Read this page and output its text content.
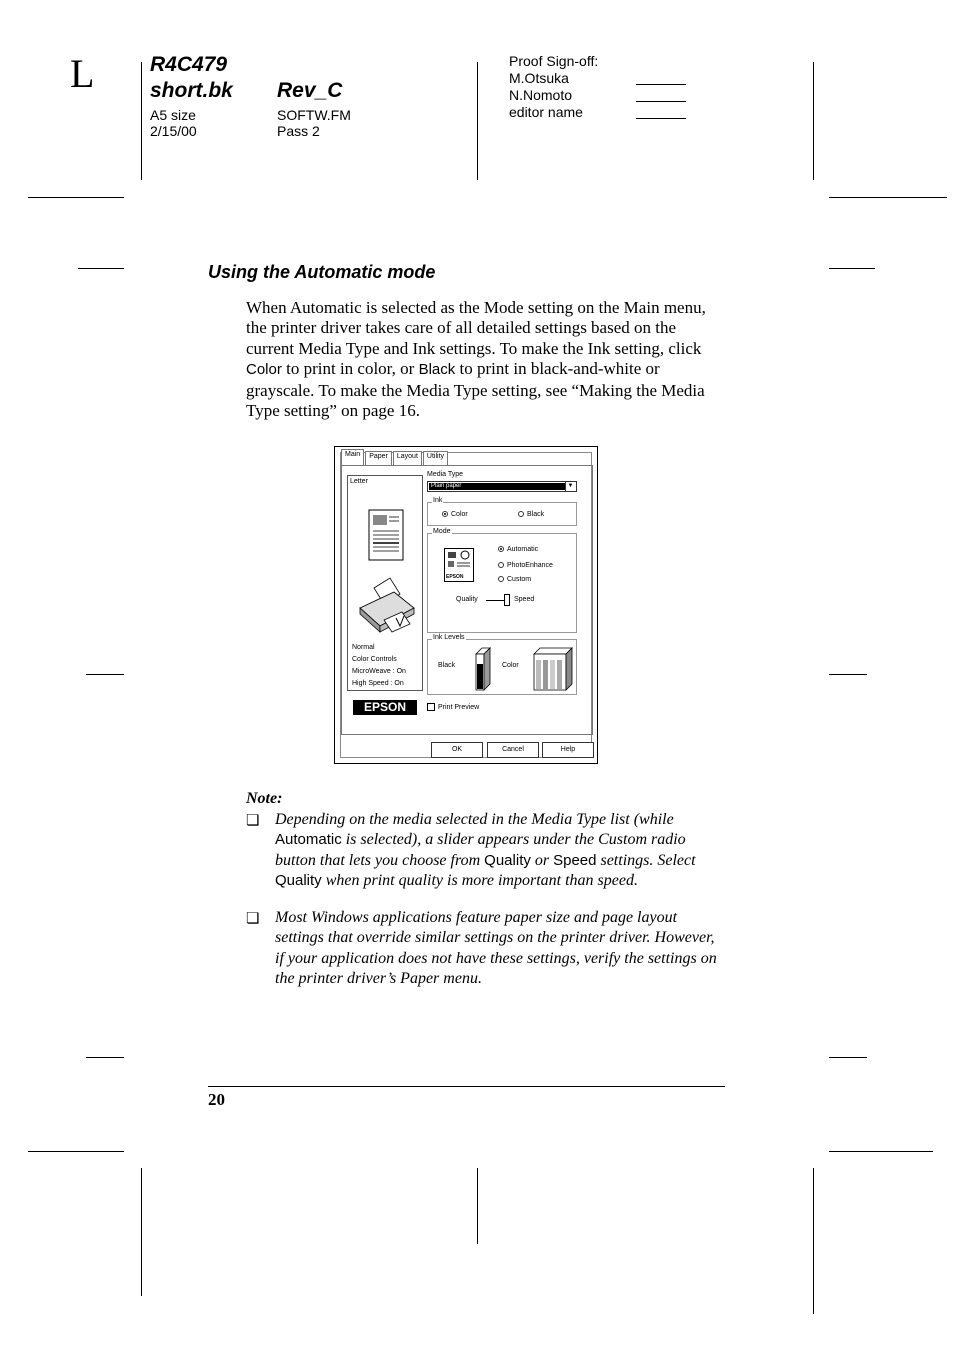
L	R4C479
short.bk Rev_C
A5 size
2/15/00
SOFTW.FM
Pass 2
Proof Sign-off:
M.Otsuka
N.Nomoto
editor name
Using the Automatic mode
When Automatic is selected as the Mode setting on the Main menu, the printer driver takes care of all detailed settings based on the current Media Type and Ink settings. To make the Ink setting, click Color to print in color, or Black to print in black-and-white or grayscale. To make the Media Type setting, see “Making the Media Type setting” on page 16.
Main	Paper	Layout	Utility
Letter
Normal
Color Controls
MicroWeave : On
High Speed : On
Media Type
Plain paper	▼
Ink
Color	Black
Mode
EPSON
Automatic
PhotoEnhance
Custom
Quality	Speed
Ink Levels
Black	Color
EPSON	Print Preview
OK	Cancel	Help
Note:
❏ Depending on the media selected in the Media Type list (while Automatic is selected), a slider appears under the Custom radio button that lets you choose from Quality or Speed settings. Select Quality when print quality is more important than speed.
❏ Most Windows applications feature paper size and page layout settings that override similar settings on the printer driver. However, if your application does not have these settings, verify the settings on the printer driver’s Paper menu.
20
